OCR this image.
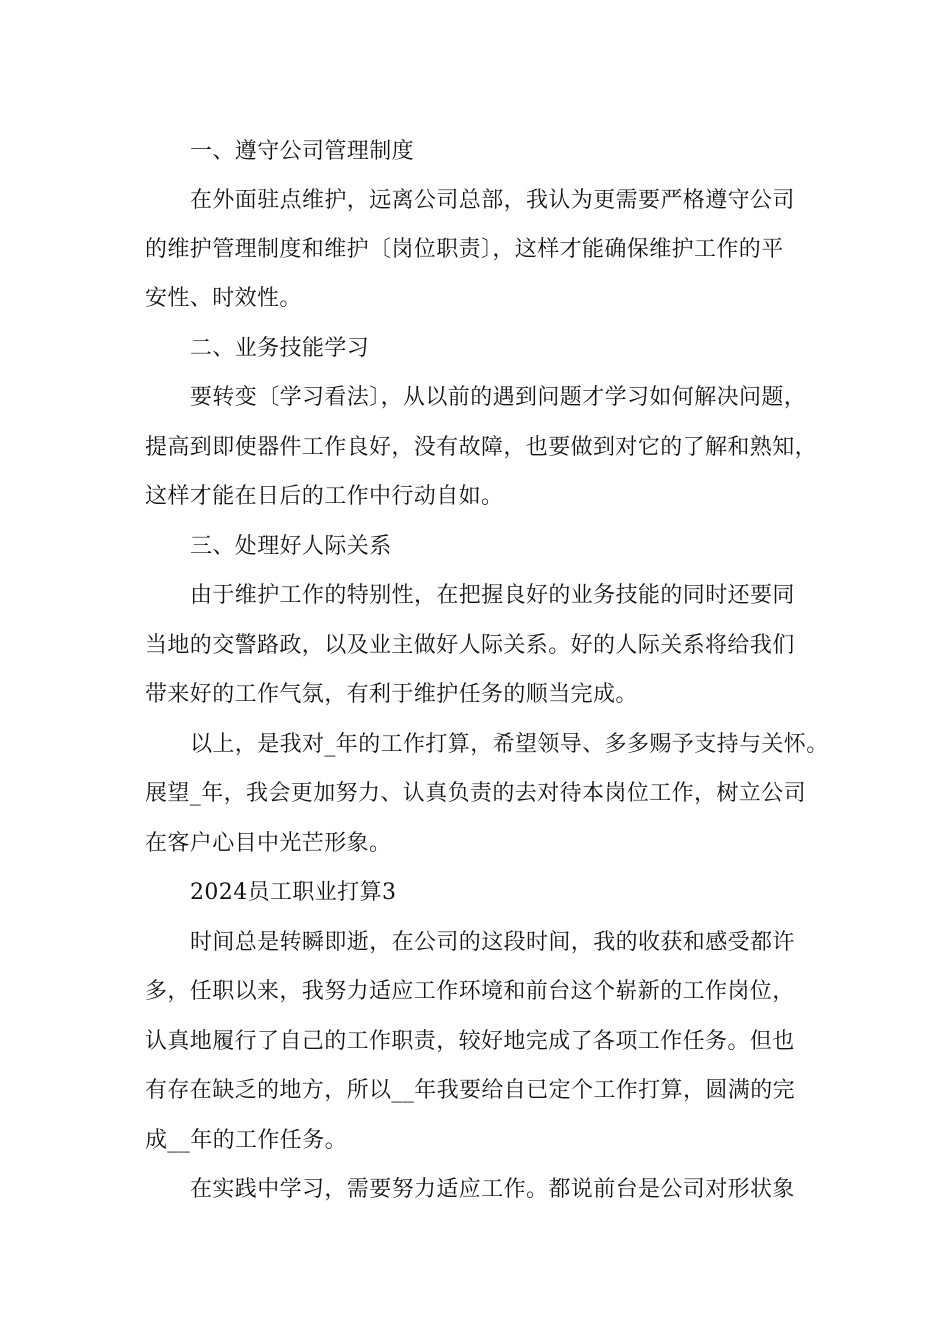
一、遵守公司管理制度
在外面驻点维护，远离公司总部，我认为更需要严格遵守公司
的维护管理制度和维护〔岗位职责〕，这样才能确保维护工作的平
安性、时效性。
二、业务技能学习
要转变〔学习看法〕，从以前的遇到问题才学习如何解决问题，
提高到即使器件工作良好，没有故障，也要做到对它的了解和熟知，
这样才能在日后的工作中行动自如。
三、处理好人际关系
由于维护工作的特别性，在把握良好的业务技能的同时还要同
当地的交警路政，以及业主做好人际关系。好的人际关系将给我们
带来好的工作气氛，有利于维护任务的顺当完成。
以上，是我对_年的工作打算，希望领导、多多赐予支持与关怀。
展望_年，我会更加努力、认真负责的去对待本岗位工作，树立公司
在客户心目中光芒形象。
2024员工职业打算3
时间总是转瞬即逝，在公司的这段时间，我的收获和感受都许
多，任职以来，我努力适应工作环境和前台这个崭新的工作岗位，
认真地履行了自己的工作职责，较好地完成了各项工作任务。但也
有存在缺乏的地方，所以__年我要给自已定个工作打算，圆满的完
成__年的工作任务。
在实践中学习，需要努力适应工作。都说前台是公司对形状象
